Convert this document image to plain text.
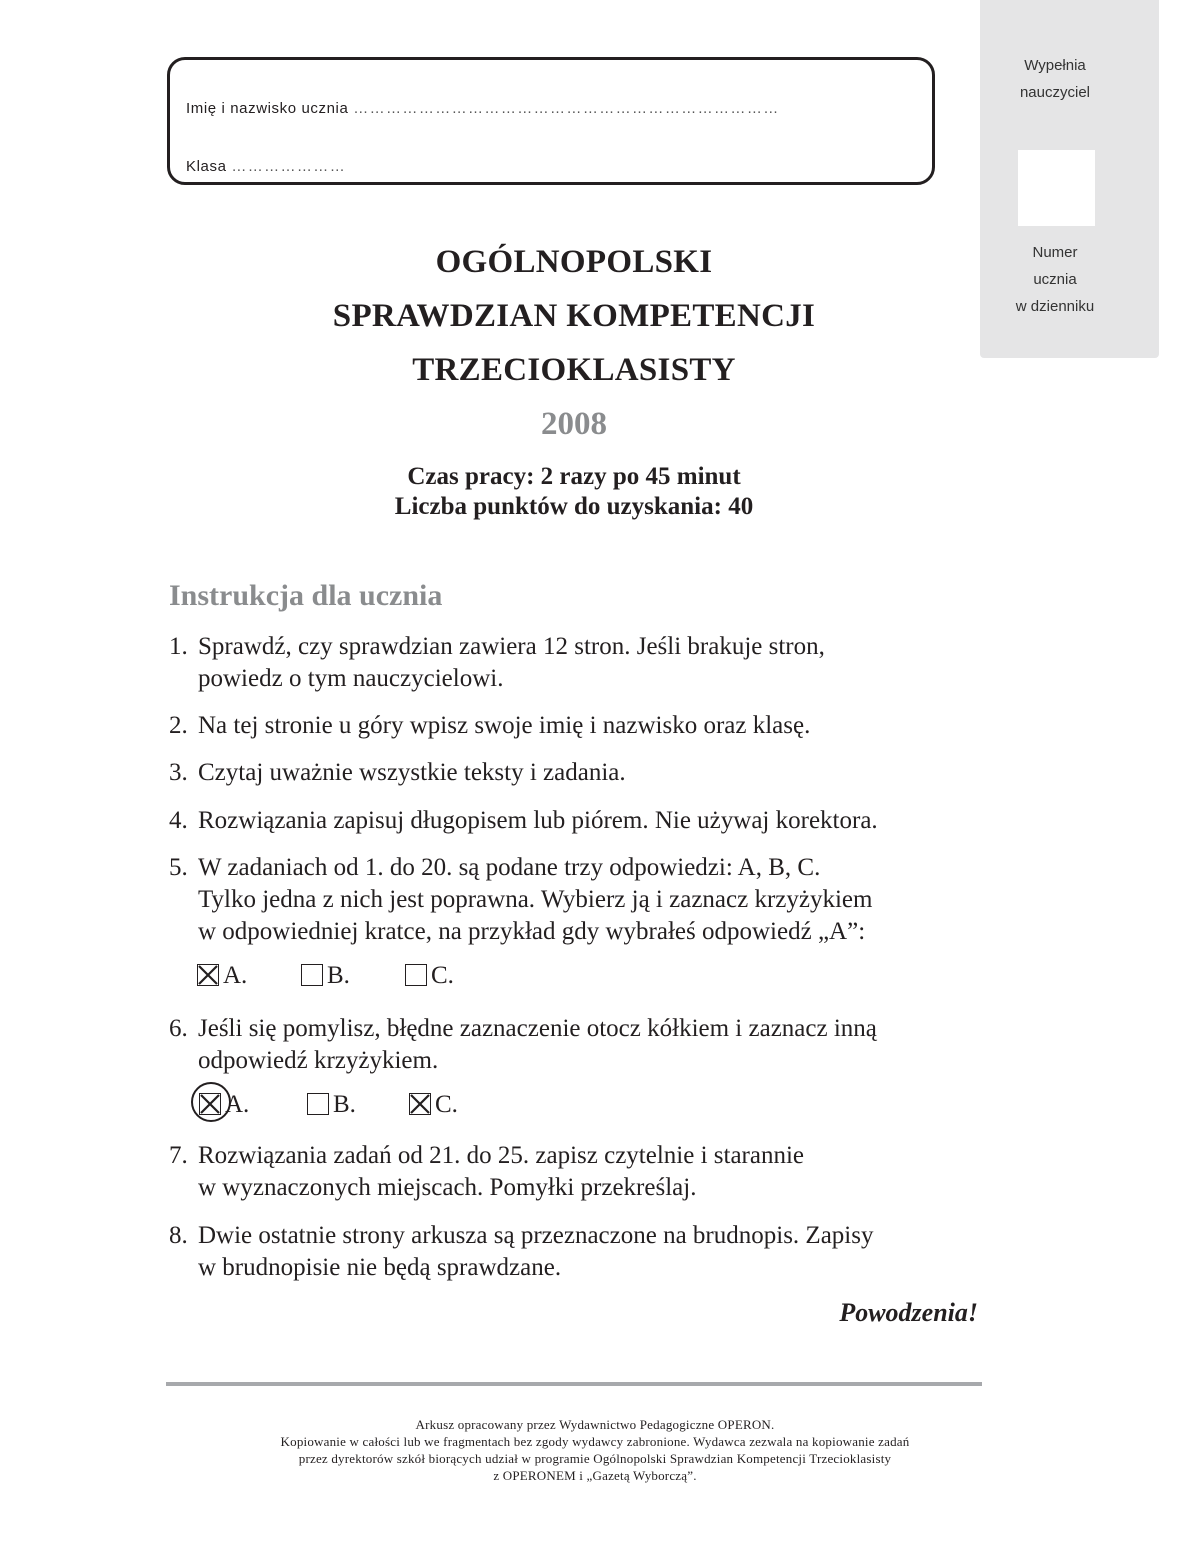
Imię i nazwisko ucznia ……………………………………………………………………
Klasa …………………
Wypełnia
nauczyciel
Numer
ucznia
w dzienniku
OGÓLNOPOLSKI
SPRAWDZIAN KOMPETENCJI
TRZECIOKLASISTY
2008
Czas pracy: 2 razy po 45 minut
Liczba punktów do uzyskania: 40
Instrukcja dla ucznia
1. Sprawdź, czy sprawdzian zawiera 12 stron. Jeśli brakuje stron,
powiedz o tym nauczycielowi.
2. Na tej stronie u góry wpisz swoje imię i nazwisko oraz klasę.
3. Czytaj uważnie wszystkie teksty i zadania.
4. Rozwiązania zapisuj długopisem lub piórem. Nie używaj korektora.
5. W zadaniach od 1. do 20. są podane trzy odpowiedzi: A, B, C.
Tylko jedna z nich jest poprawna. Wybierz ją i zaznacz krzyżykiem
w odpowiedniej kratce, na przykład gdy wybrałeś odpowiedź „A”:
A.	B.	C.
6. Jeśli się pomylisz, błędne zaznaczenie otocz kółkiem i zaznacz inną
odpowiedź krzyżykiem.
A.	B.	C.
7. Rozwiązania zadań od 21. do 25. zapisz czytelnie i starannie
w wyznaczonych miejscach. Pomyłki przekreślaj.
8. Dwie ostatnie strony arkusza są przeznaczone na brudnopis. Zapisy
w brudnopisie nie będą sprawdzane.
Powodzenia!
Arkusz opracowany przez Wydawnictwo Pedagogiczne OPERON.
Kopiowanie w całości lub we fragmentach bez zgody wydawcy zabronione. Wydawca zezwala na kopiowanie zadań
przez dyrektorów szkół biorących udział w programie Ogólnopolski Sprawdzian Kompetencji Trzecioklasisty
z OPERONEM i „Gazetą Wyborczą”.
